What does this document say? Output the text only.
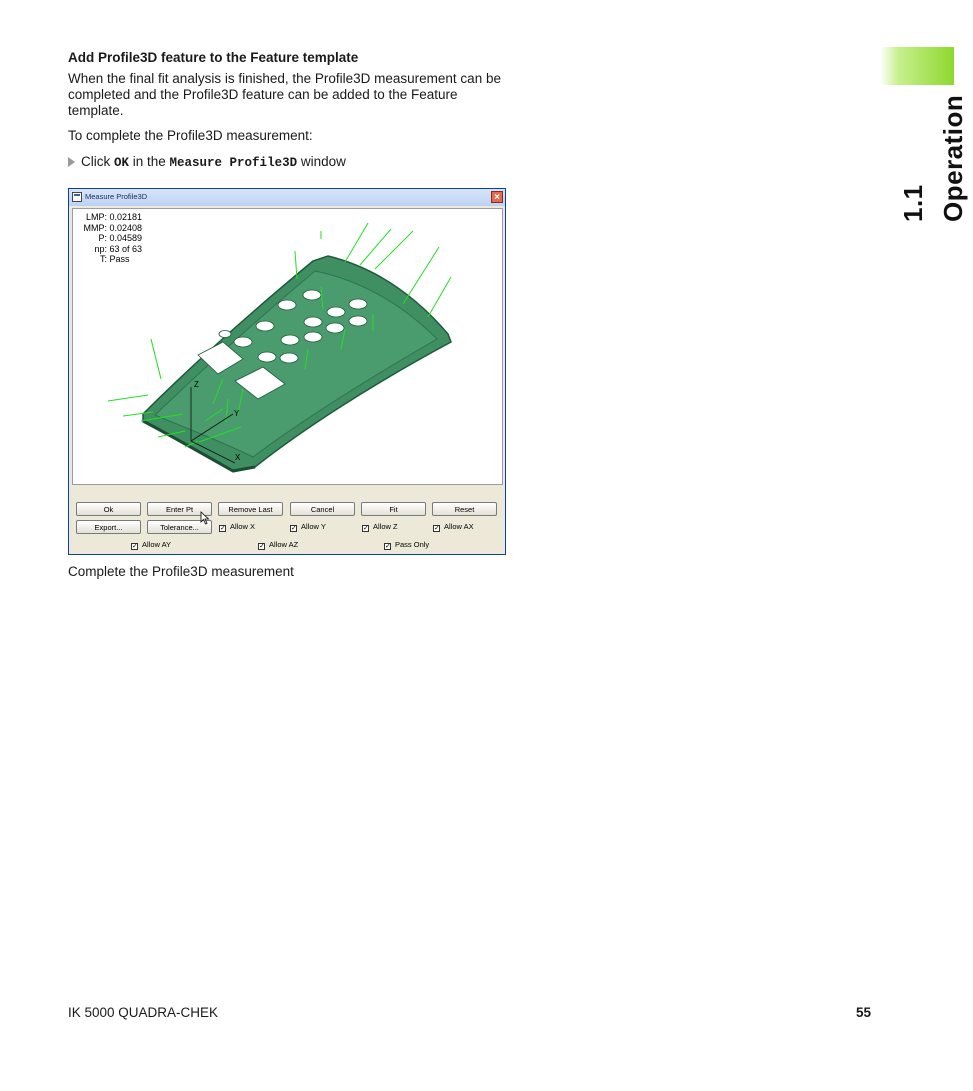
1.1 Operation
Add Profile3D feature to the Feature template
When the final fit analysis is finished, the Profile3D measurement can be completed and the Profile3D feature can be added to the Feature template.
To complete the Profile3D measurement:
Click OK in the Measure Profile3D window
Measure Profile3D	×
Z
Y
X
LMP: 0.02181
MMP: 0.02408
P: 0.04589
np: 63 of 63
T: Pass
Ok	Enter Pt	Remove Last	Cancel	Fit	Reset
Export...	Tolerance...	✓ Allow X	✓ Allow Y	✓ Allow Z	✓ Allow AX
✓ Allow AY	✓ Allow AZ	✓ Pass Only
Complete the Profile3D measurement
IK 5000 QUADRA-CHEK	55
